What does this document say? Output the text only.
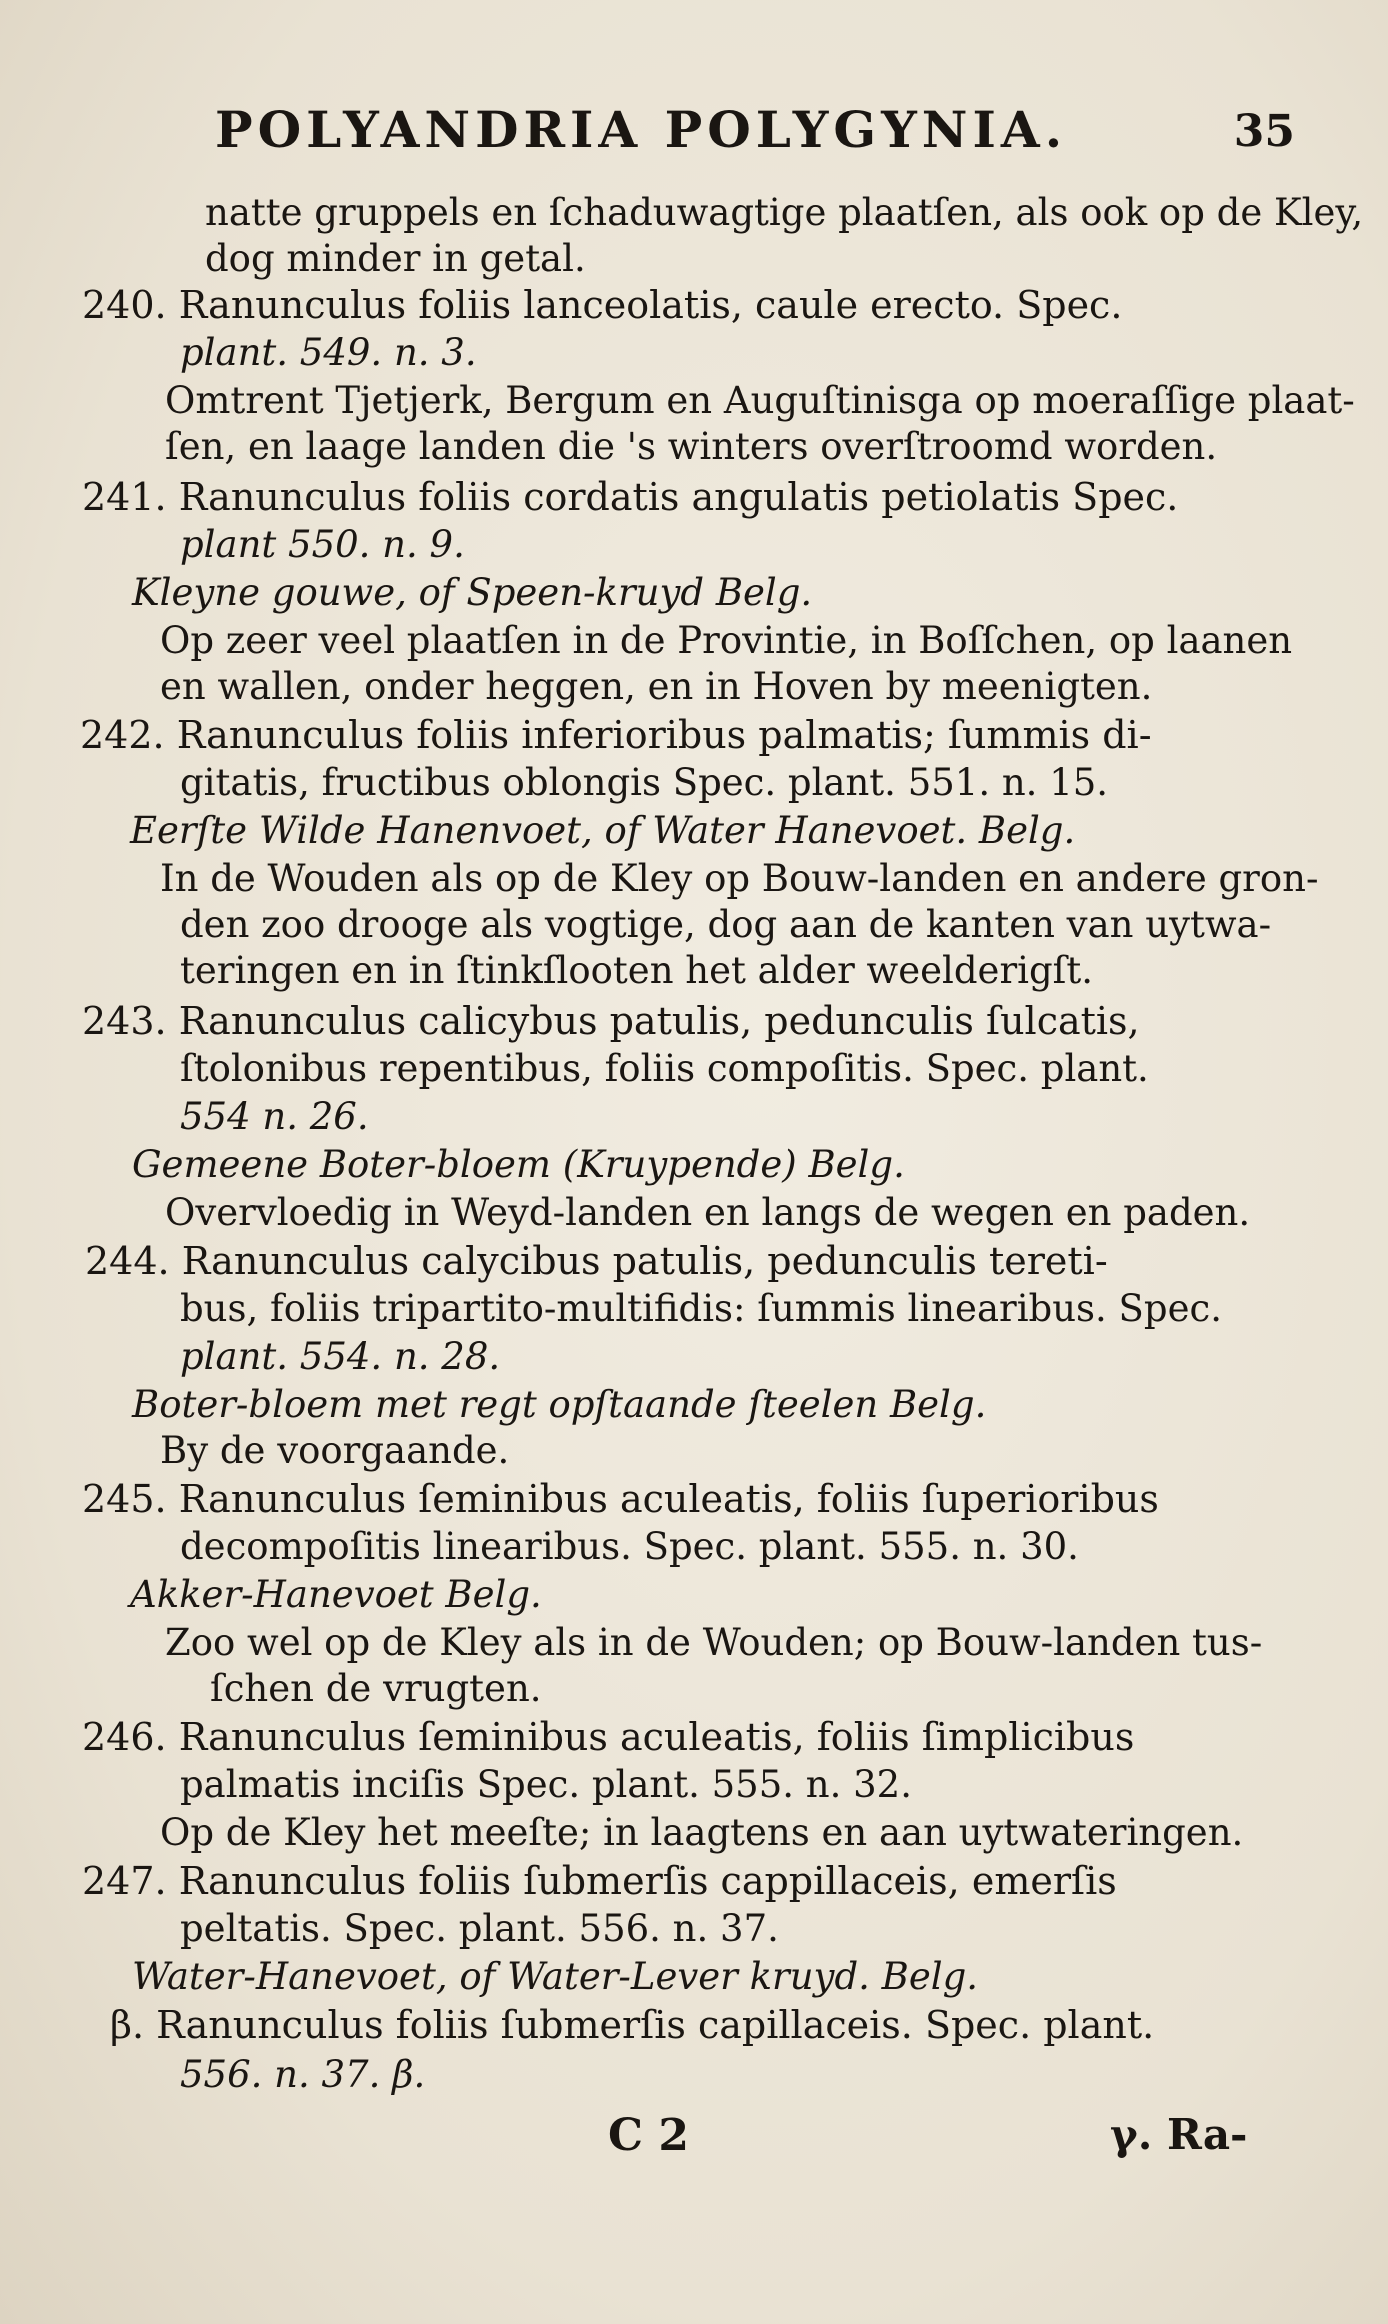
POLYANDRIA POLYGYNIA.	35
natte gruppels en ſchaduwagtige plaatſen, als ook op de Kley,
dog minder in getal.
240. Ranunculus foliis lanceolatis, caule erecto. Spec.
plant. 549. n. 3.
Omtrent Tjetjerk, Bergum en Auguſtinisga op moeraſſige plaat-
ſen, en laage landen die 's winters overſtroomd worden.
241. Ranunculus foliis cordatis angulatis petiolatis Spec.
plant 550. n. 9.
Kleyne gouwe, of Speen-kruyd Belg.
Op zeer veel plaatſen in de Provintie, in Boſſchen, op laanen
en wallen, onder heggen, en in Hoven by meenigten.
242. Ranunculus foliis inferioribus palmatis; ſummis di-
gitatis, fructibus oblongis Spec. plant. 551. n. 15.
Eerſte Wilde Hanenvoet, of Water Hanevoet. Belg.
In de Wouden als op de Kley op Bouw-landen en andere gron-
den zoo drooge als vogtige, dog aan de kanten van uytwa-
teringen en in ſtinkſlooten het alder weelderigſt.
243. Ranunculus calicybus patulis, pedunculis ſulcatis,
ſtolonibus repentibus, foliis compoſitis. Spec. plant.
554 n. 26.
Gemeene Boter-bloem (Kruypende) Belg.
Overvloedig in Weyd-landen en langs de wegen en paden.
244. Ranunculus calycibus patulis, pedunculis tereti-
bus, foliis tripartito-multifidis: ſummis linearibus. Spec.
plant. 554. n. 28.
Boter-bloem met regt opſtaande ſteelen Belg.
By de voorgaande.
245. Ranunculus ſeminibus aculeatis, foliis ſuperioribus
decompoſitis linearibus. Spec. plant. 555. n. 30.
Akker-Hanevoet Belg.
Zoo wel op de Kley als in de Wouden; op Bouw-landen tus-
ſchen de vrugten.
246. Ranunculus ſeminibus aculeatis, foliis ſimplicibus
palmatis inciſis Spec. plant. 555. n. 32.
Op de Kley het meeſte; in laagtens en aan uytwateringen.
247. Ranunculus foliis ſubmerſis cappillaceis, emerſis
peltatis. Spec. plant. 556. n. 37.
Water-Hanevoet, of Water-Lever kruyd. Belg.
β. Ranunculus foliis ſubmerſis capillaceis. Spec. plant.
556. n. 37. β.
C 2	γ. Ra-
